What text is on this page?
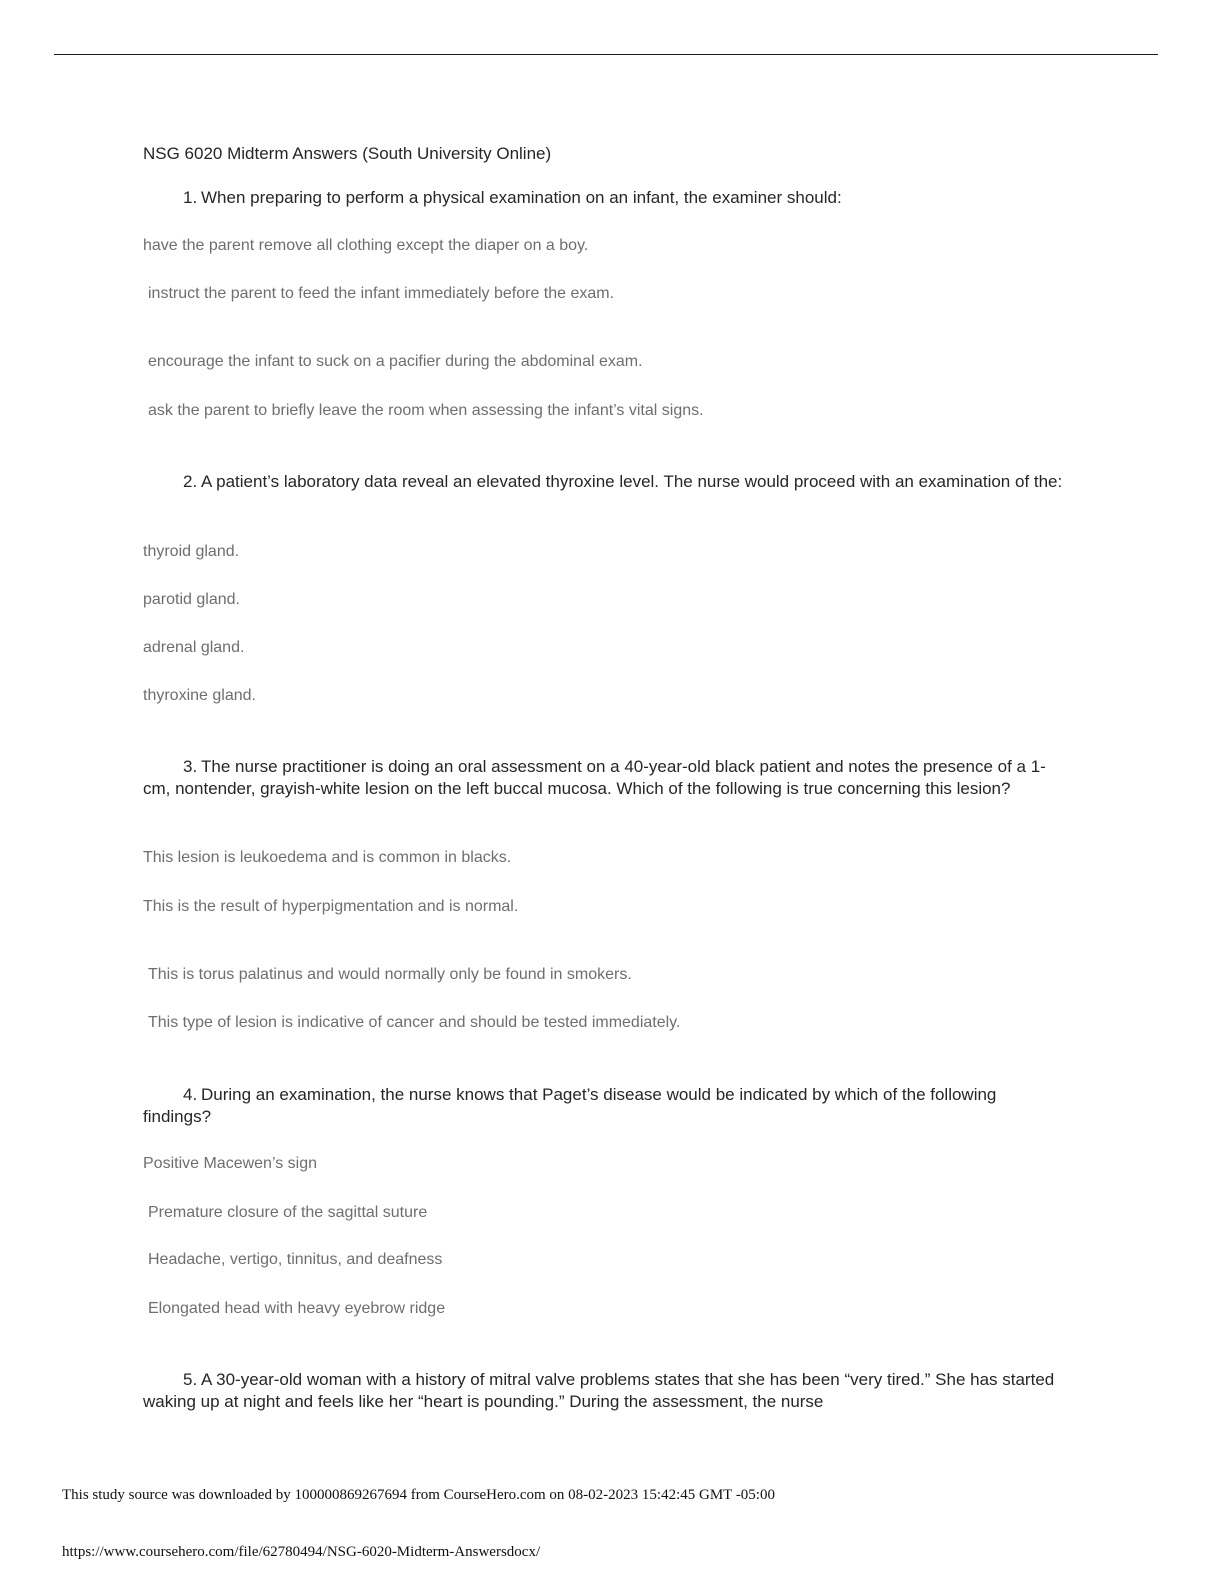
NSG 6020 Midterm Answers (South University Online)
1. When preparing to perform a physical examination on an infant, the examiner should:
have the parent remove all clothing except the diaper on a boy.
instruct the parent to feed the infant immediately before the exam.
encourage the infant to suck on a pacifier during the abdominal exam.
ask the parent to briefly leave the room when assessing the infant’s vital signs.
2. A patient’s laboratory data reveal an elevated thyroxine level. The nurse would proceed with an examination of the:
thyroid gland.
parotid gland.
adrenal gland.
thyroxine gland.
3. The nurse practitioner is doing an oral assessment on a 40-year-old black patient and notes the presence of a 1-cm, nontender, grayish-white lesion on the left buccal mucosa. Which of the following is true concerning this lesion?
This lesion is leukoedema and is common in blacks.
This is the result of hyperpigmentation and is normal.
This is torus palatinus and would normally only be found in smokers.
This type of lesion is indicative of cancer and should be tested immediately.
4. During an examination, the nurse knows that Paget’s disease would be indicated by which of the following findings?
Positive Macewen’s sign
Premature closure of the sagittal suture
Headache, vertigo, tinnitus, and deafness
Elongated head with heavy eyebrow ridge
5. A 30-year-old woman with a history of mitral valve problems states that she has been “very tired.” She has started waking up at night and feels like her “heart is pounding.” During the assessment, the nurse
This study source was downloaded by 100000869267694 from CourseHero.com on 08-02-2023 15:42:45 GMT -05:00
https://www.coursehero.com/file/62780494/NSG-6020-Midterm-Answersdocx/
